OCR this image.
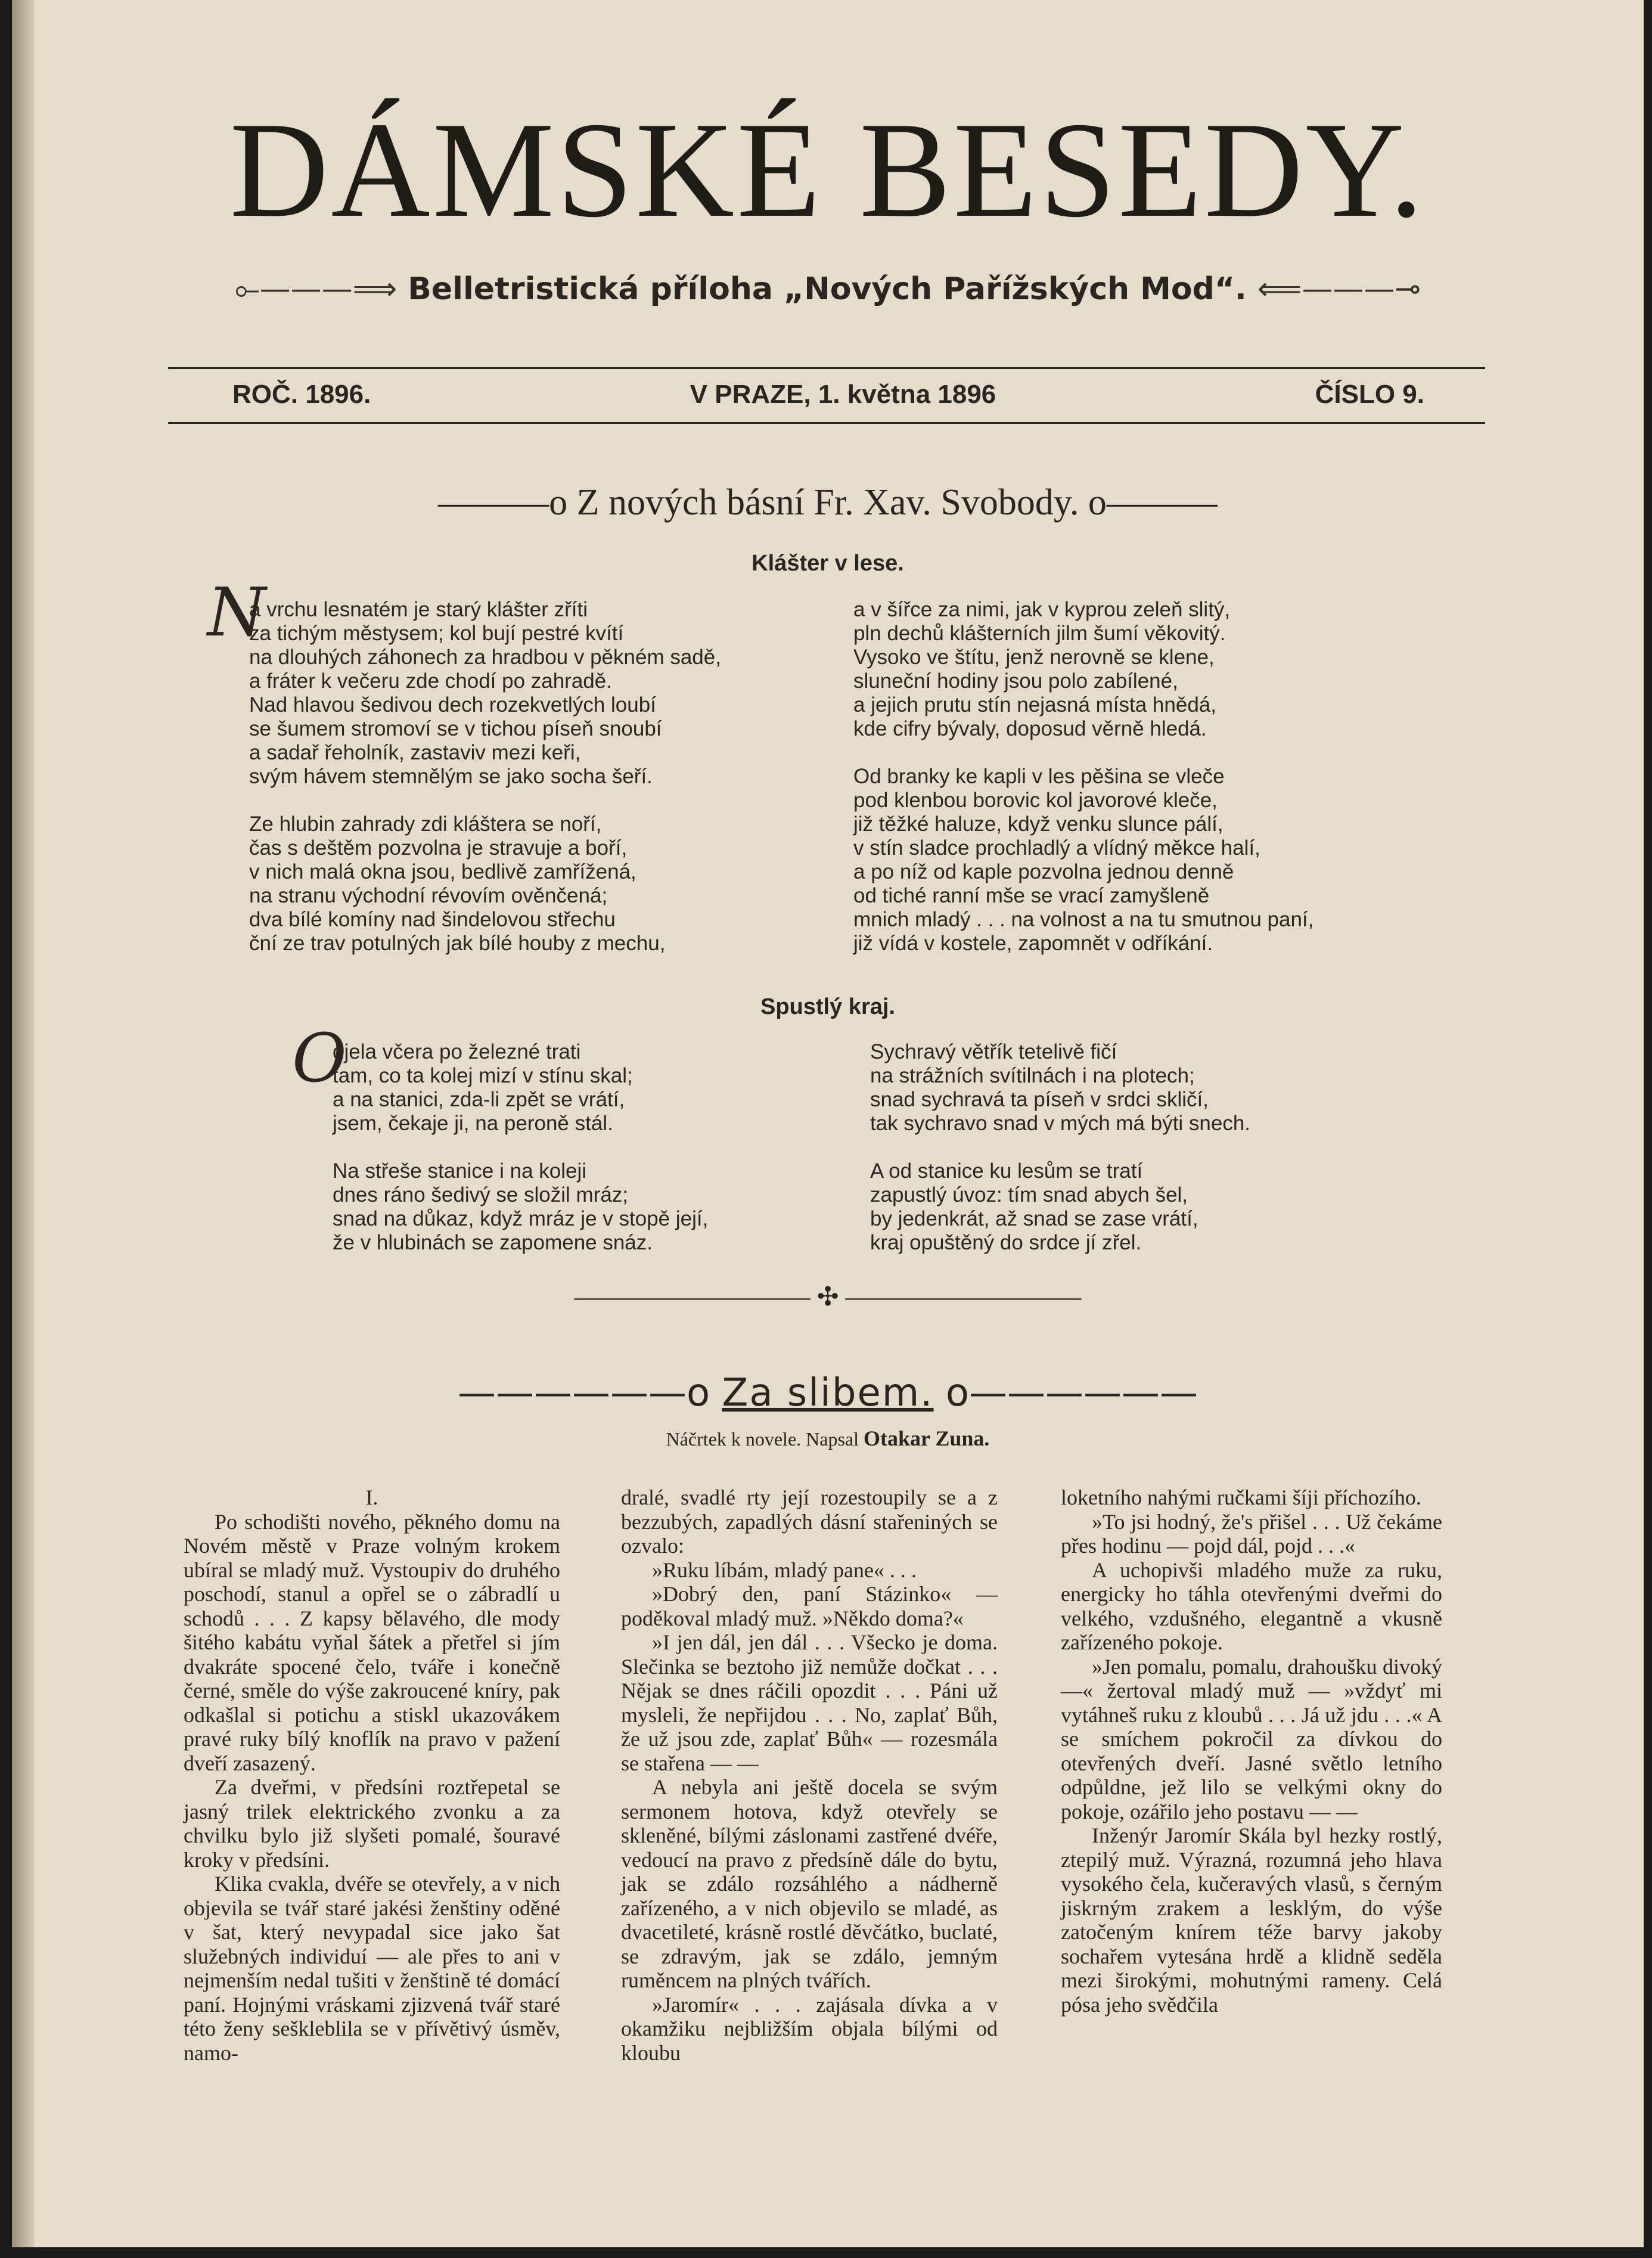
DÁMSKÉ BESEDY.
⟜———⟹ Belletristická příloha „Nových Pařížských Mod“. ⟸———⊸
ROČ. 1896.	V PRAZE, 1. května 1896	ČÍSLO 9.
———o Z nových básní Fr. Xav. Svobody. o———
Klášter v lese.
N
a vrchu lesnatém je starý klášter zříti
za tichým městysem; kol bují pestré kvítí
na dlouhých záhonech za hradbou v pěkném sadě,
a fráter k večeru zde chodí po zahradě.
Nad hlavou šedivou dech rozekvetlých loubí
se šumem stromoví se v tichou píseň snoubí
a sadař řeholník, zastaviv mezi keři,
svým hávem stemnělým se jako socha šeří.

Ze hlubin zahrady zdi kláštera se noří,
čas s deštěm pozvolna je stravuje a boří,
v nich malá okna jsou, bedlivě zamřížená,
na stranu východní révovím ověnčená;
dva bílé komíny nad šindelovou střechu
ční ze trav potulných jak bílé houby z mechu,
a v šířce za nimi, jak v kyprou zeleň slitý,
pln dechů klášterních jilm šumí věkovitý.
Vysoko ve štítu, jenž nerovně se klene,
sluneční hodiny jsou polo zabílené,
a jejich prutu stín nejasná místa hnědá,
kde cifry bývaly, doposud věrně hledá.

Od branky ke kapli v les pěšina se vleče
pod klenbou borovic kol javorové kleče,
již těžké haluze, když venku slunce pálí,
v stín sladce prochladlý a vlídný měkce halí,
a po níž od kaple pozvolna jednou denně
od tiché ranní mše se vrací zamyšleně
mnich mladý . . . na volnost a na tu smutnou paní,
již vídá v kostele, zapomnět v odříkání.
Spustlý kraj.
O
djela včera po železné trati
tam, co ta kolej mizí v stínu skal;
a na stanici, zda-li zpět se vrátí,
jsem, čekaje ji, na peroně stál.

Na střeše stanice i na koleji
dnes ráno šedivý se složil mráz;
snad na důkaz, když mráz je v stopě její,
že v hlubinách se zapomene snáz.
Sychravý větřík tetelivě fičí
na strážních svítilnách i na plotech;
snad sychravá ta píseň v srdci skličí,
tak sychravo snad v mých má býti snech.

A od stanice ku lesům se tratí
zapustlý úvoz: tím snad abych šel,
by jedenkrát, až snad se zase vrátí,
kraj opuštěný do srdce jí zřel.
————————— ✣ —————————
——————o Za slibem. o——————
Náčrtek k novele. Napsal Otakar Zuna.

I.

Po schodišti nového, pěkného domu na Novém městě v Praze volným krokem ubíral se mladý muž. Vystoupiv do druhého poschodí, stanul a opřel se o zábradlí u schodů . . . Z kapsy bělavého, dle mody šitého kabátu vyňal šátek a přetřel si jím dvakráte spocené čelo, tváře i konečně černé, směle do výše zakroucené kníry, pak odkašlal si potichu a stiskl ukazovákem pravé ruky bílý knoflík na pravo v pažení dveří zasazený.

Za dveřmi, v předsíni roztřepetal se jasný trilek elektrického zvonku a za chvilku bylo již slyšeti pomalé, šouravé kroky v předsíni.

Klika cvakla, dvéře se otevřely, a v nich objevila se tvář staré jakési ženštiny oděné v šat, který nevypadal sice jako šat služebných individuí — ale přes to ani v nejmenším nedal tušiti v ženštině té domácí paní. Hojnými vráskami zjizvená tvář staré této ženy seškleblila se v přívětivý úsměv, namo-

dralé, svadlé rty její rozestoupily se a z bezzubých, zapadlých dásní stařeniných se ozvalo:

»Ruku líbám, mladý pane« . . .

»Dobrý den, paní Stázinko« — poděkoval mladý muž. »Někdo doma?«

»I jen dál, jen dál . . . Všecko je doma. Slečinka se beztoho již nemůže dočkat . . . Nějak se dnes ráčili opozdit . . . Páni už mysleli, že nepřijdou . . . No, zaplať Bůh, že už jsou zde, zaplať Bůh« — rozesmála se stařena — —

A nebyla ani ještě docela se svým sermonem hotova, když otevřely se skleněné, bílými záslonami zastřené dvéře, vedoucí na pravo z předsíně dále do bytu, jak se zdálo rozsáhlého a nádherně zařízeného, a v nich objevilo se mladé, as dvacetileté, krásně rostlé děvčátko, buclaté, se zdravým, jak se zdálo, jemným ruměncem na plných tvářích.

»Jaromír« . . . zajásala dívka a v okamžiku nejbližším objala bílými od kloubu

loketního nahými ručkami šíji příchozího.

»To jsi hodný, že's přišel . . . Už čekáme přes hodinu — pojd dál, pojd . . .«

A uchopivši mladého muže za ruku, energicky ho táhla otevřenými dveřmi do velkého, vzdušného, elegantně a vkusně zařízeného pokoje.

»Jen pomalu, pomalu, drahoušku divoký —« žertoval mladý muž — »vždyť mi vytáhneš ruku z kloubů . . . Já už jdu . . .« A se smíchem pokročil za dívkou do otevřených dveří. Jasné světlo letního odpůldne, jež lilo se velkými okny do pokoje, ozářilo jeho postavu — —

Inženýr Jaromír Skála byl hezky rostlý, ztepilý muž. Výrazná, rozumná jeho hlava vysokého čela, kučeravých vlasů, s černým jiskrným zrakem a lesklým, do výše zatočeným knírem téže barvy jakoby sochařem vytesána hrdě a klidně seděla mezi širokými, mohutnými rameny. Celá pósa jeho svědčila
